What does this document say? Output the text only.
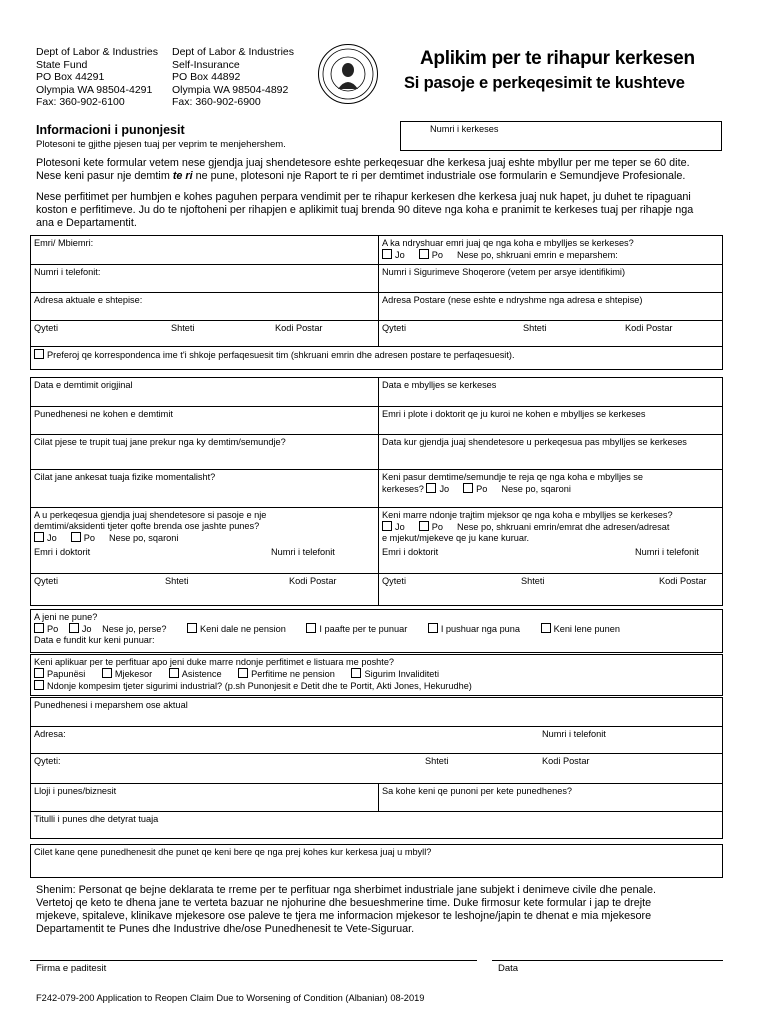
Dept of Labor & Industries
State Fund
PO Box 44291
Olympia WA 98504-4291
Fax: 360-902-6100
Dept of Labor & Industries
Self-Insurance
PO Box 44892
Olympia WA 98504-4892
Fax: 360-902-6900
Aplikim per te rihapur kerkesen
Si pasoje e perkeqesimit te kushteve
Informacioni i punonjesit
Plotesoni te gjithe pjesen tuaj per veprim te menjehershem.
Numri i kerkeses
Plotesoni kete formular vetem nese gjendja juaj shendetesore eshte perkeqesuar dhe kerkesa juaj eshte mbyllur per me teper se 60 dite.
Nese keni pasur nje demtim te ri ne pune, plotesoni nje Raport te ri per demtimet industriale ose formularin e Semundjeve Profesionale.
Nese perfitimet per humbjen e kohes paguhen perpara vendimit per te rihapur kerkesen dhe kerkesa juaj nuk hapet, ju duhet te ripaguani
koston e perfitimeve. Ju do te njoftoheni per rihapjen e aplikimit tuaj brenda 90 diteve nga koha e pranimit te kerkeses tuaj per rihapje nga
ana e Departamentit.
Emri/ Mbiemri:	A ka ndryshuar emri juaj qe nga koha e mbylljes se kerkeses?
Jo	Po Nese po, shkruani emrin e meparshem:
Numri i telefonit:	Numri i Sigurimeve Shoqerore (vetem per arsye identifikimi)
Adresa aktuale e shtepise:	Adresa Postare (nese eshte e ndryshme nga adresa e shtepise)
Qyteti	Shteti	Kodi Postar	Qyteti	Shteti	Kodi Postar
Preferoj qe korrespondenca ime t'i shkoje perfaqesuesit tim (shkruani emrin dhe adresen postare te perfaqesuesit).
Data e demtimit origjinal	Data e mbylljes se kerkeses
Punedhenesi ne kohen e demtimit	Emri i plote i doktorit qe ju kuroi ne kohen e mbylljes se kerkeses
Cilat pjese te trupit tuaj jane prekur nga ky demtim/semundje?	Data kur gjendja juaj shendetesore u perkeqesua pas mbylljes se kerkeses
Cilat jane ankesat tuaja fizike momentalisht?	Keni pasur demtime/semundje te reja qe nga koha e mbylljes se
kerkeses? Jo	Po Nese po, sqaroni
A u perkeqesua gjendja juaj shendetesore si pasoje e nje
demtimi/aksidenti tjeter qofte brenda ose jashte punes?
Jo	Po Nese po, sqaroni
Keni marre ndonje trajtim mjeksor qe nga koha e mbylljes se kerkeses?
Jo	Po Nese po, shkruani emrin/emrat dhe adresen/adresat
e mjekut/mjekeve qe ju kane kuruar.
Emri i doktorit	Numri i telefonit	Emri i doktorit	Numri i telefonit
Qyteti	Shteti	Kodi Postar	Qyteti	Shteti	Kodi Postar
A jeni ne pune?
Po	Jo Nese jo, perse?	Keni dale ne pension	I paafte per te punuar	I pushuar nga puna	Keni lene punen
Data e fundit kur keni punuar:
Keni aplikuar per te perfituar apo jeni duke marre ndonje perfitimet e listuara me poshte?
Papunësi	Mjekesor	Asistence	Perfitime ne pension	Sigurim Invaliditeti
Ndonje kompesim tjeter sigurimi industrial? (p.sh Punonjesit e Detit dhe te Portit, Akti Jones, Hekurudhe)
Punedhenesi i meparshem ose aktual
Adresa:	Numri i telefonit
Qyteti:	Shteti	Kodi Postar
Lloji i punes/biznesit	Sa kohe keni qe punoni per kete punedhenes?
Titulli i punes dhe detyrat tuaja
Cilet kane qene punedhenesit dhe punet qe keni bere qe nga prej kohes kur kerkesa juaj u mbyll?
Shenim: Personat qe bejne deklarata te rreme per te perfituar nga sherbimet industriale jane subjekt i denimeve civile dhe penale.
Vertetoj qe keto te dhena jane te verteta bazuar ne njohurine dhe besueshmerine time. Duke firmosur kete formular i jap te drejte
mjekeve, spitaleve, klinikave mjekesore ose paleve te tjera me informacion mjekesor te leshojne/japin te dhenat e mia mjekesore
Departamentit te Punes dhe Industrive dhe/ose Punedhenesit te Vete-Siguruar.
Firma e paditesit	Data
F242-079-200 Application to Reopen Claim Due to Worsening of Condition (Albanian) 08-2019
